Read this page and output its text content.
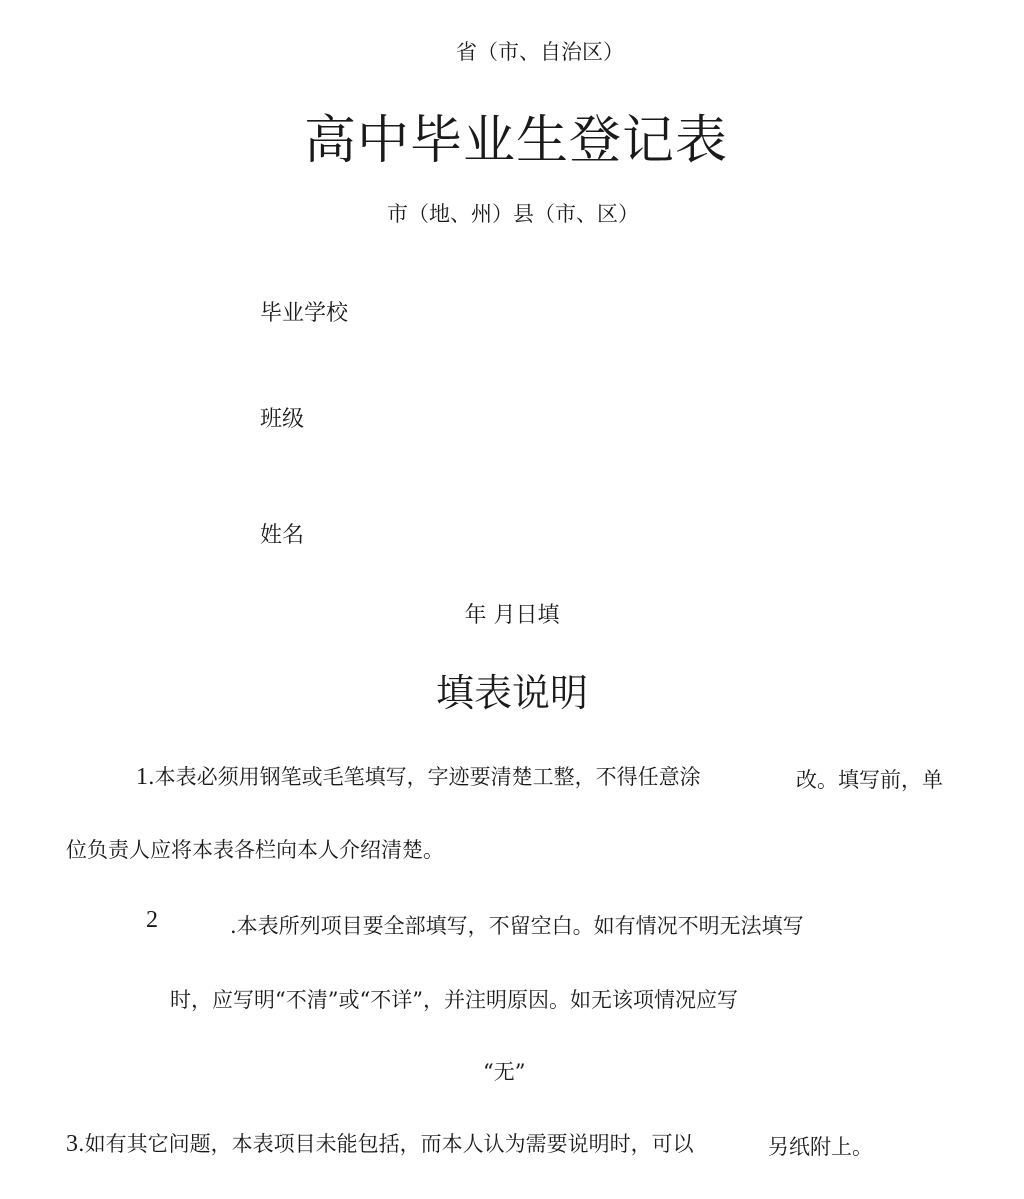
省（市、自治区）
高中毕业生登记表
市（地、州）县（市、区）
毕业学校
班级
姓名
年 月日填
填表说明
1.本表必须用钢笔或毛笔填写，字迹要清楚工整，不得任意涂	改。填写前，单
位负责人应将本表各栏向本人介绍清楚。
2	.本表所列项目要全部填写，不留空白。如有情况不明无法填写
时，应写明“不清”或“不详”，并注明原因。如无该项情况应写
“无”
3.如有其它问题，本表项目未能包括，而本人认为需要说明时，可以	另纸附上。
